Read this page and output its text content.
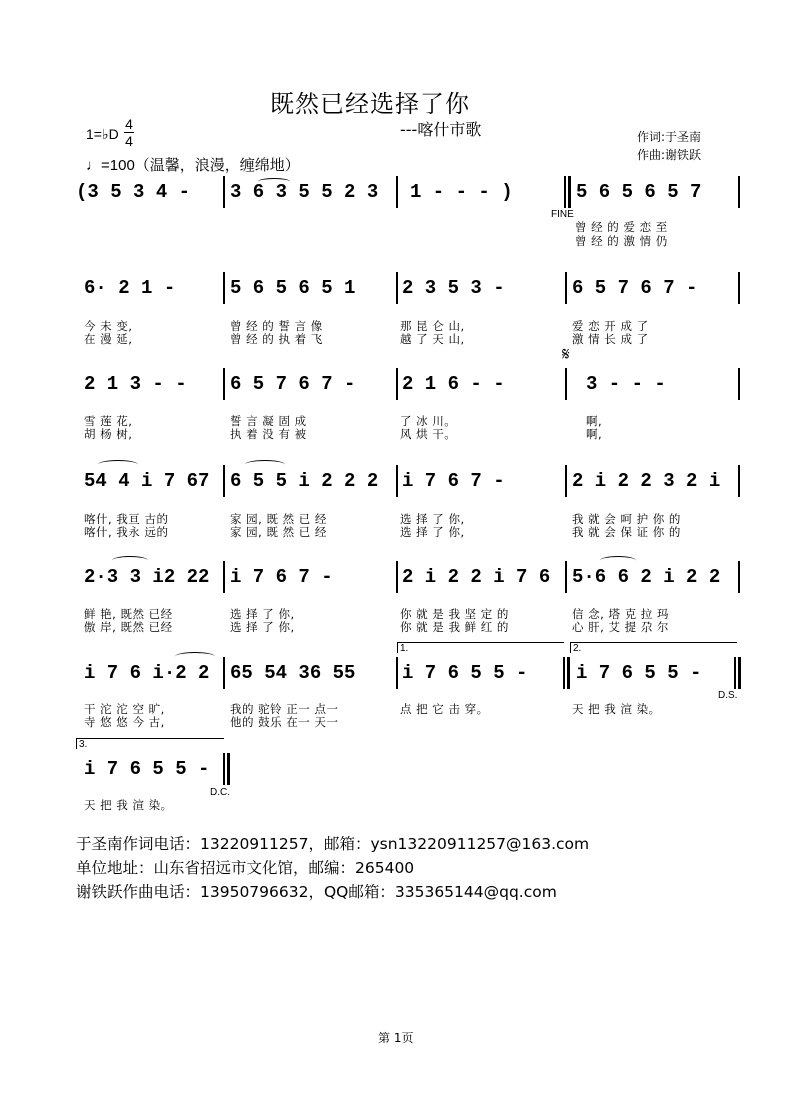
既然已经选择了你
---喀什市歌	作词:于圣南
作曲:谢铁跃
1=♭D
4
4
♩=100（温馨，浪漫，缠绵地）
(3 5 3 4 - 3 6 3 5 5 2 3 1 - - - )	5 6 5 6 5 7
FINE
曾 经 的 爱 恋 至
曾 经 的 激 情 仍
6· 2 1 -	5 6 5 6 5 1 2 3 5 3 -	6 5 7 6 7 -
今 未 变,
在 漫 延,
曾 经 的 誓 言 像
曾 经 的 执 着 飞
那 昆 仑 山,
越 了 天 山,
爱 恋 开 成 了
激 情 长 成 了
2 1 3 - - 6 5 7 6 7 - 2 1 6 - -	3 - - -
𝄋
雪 莲 花,
胡 杨 树,
誓 言 凝 固 成
执 着 没 有 被
了 冰 川。
风 烘 干。
啊,
啊,
54 4 i 7 67 6 5 5 i 2 2 2 i 7 6 7 -	2 i 2 2 3 2 i
喀什, 我亘 古的
喀什, 我永 远的
家 园, 既 然 已 经
家 园, 既 然 已 经
选 择 了 你,
选 择 了 你,
我 就 会 呵 护 你 的
我 就 会 保 证 你 的
2·3 3 i2 22 i 7 6 7 -	2 i 2 2 i 7 6 5·6 6 2 i 2 2
鲜 艳, 既然 已经
傲 岸, 既然 已经
选 择 了 你,
选 择 了 你,
你 就 是 我 坚 定 的
你 就 是 我 鲜 红 的
信 念, 塔 克 拉 玛
心 肝, 艾 提 尕 尔
1.	2.
i 7 6 i·2 2 65 54 36 55 i 7 6 5 5 -	i 7 6 5 5 -
D.S.
干 沱 沱 空 旷,
寺 悠 悠 今 古,
我的 驼铃 正一 点一
他的 鼓乐 在一 天一
点 把 它 击 穿。	天 把 我 渲 染。
3.
i 7 6 5 5 -
D.C.
天 把 我 渲 染。
于圣南作词电话：13220911257，邮箱：ysn13220911257@163.com
单位地址：山东省招远市文化馆，邮编：265400
谢铁跃作曲电话：13950796632，QQ邮箱：335365144@qq.com
第 1页
